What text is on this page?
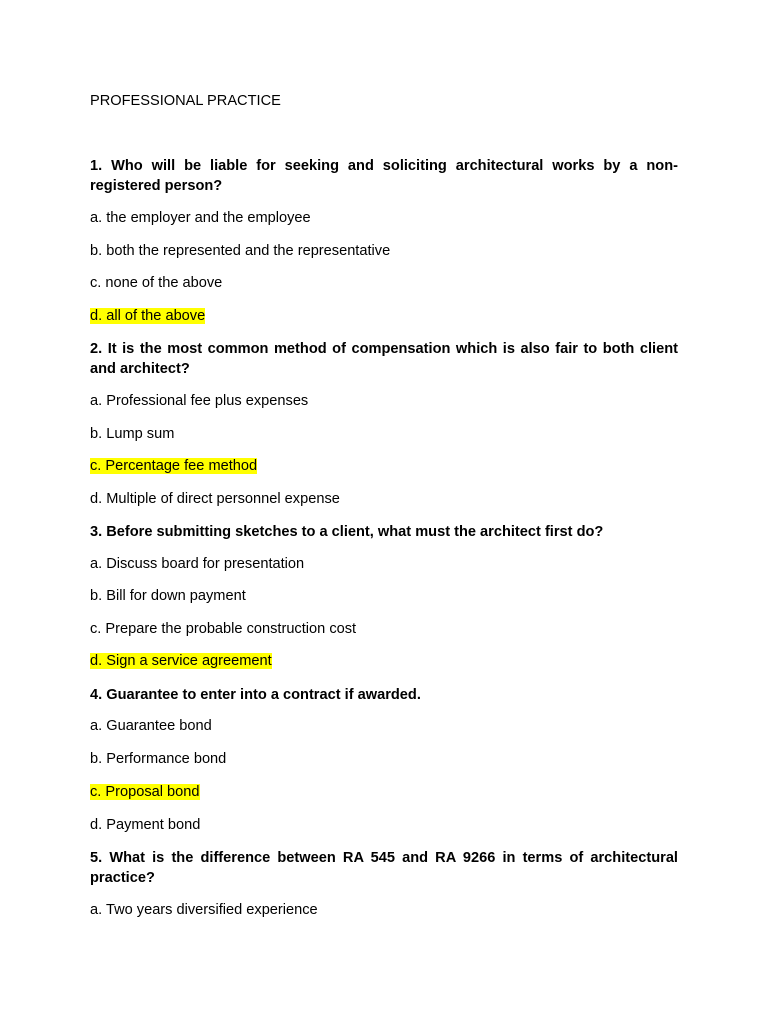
PROFESSIONAL PRACTICE
1. Who will be liable for seeking and soliciting architectural works by a non-registered person?
a. the employer and the employee
b. both the represented and the representative
c. none of the above
d. all of the above
2. It is the most common method of compensation which is also fair to both client and architect?
a. Professional fee plus expenses
b. Lump sum
c. Percentage fee method
d. Multiple of direct personnel expense
3. Before submitting sketches to a client, what must the architect first do?
a. Discuss board for presentation
b. Bill for down payment
c. Prepare the probable construction cost
d. Sign a service agreement
4. Guarantee to enter into a contract if awarded.
a. Guarantee bond
b. Performance bond
c. Proposal bond
d. Payment bond
5. What is the difference between RA 545 and RA 9266 in terms of architectural practice?
a. Two years diversified experience
